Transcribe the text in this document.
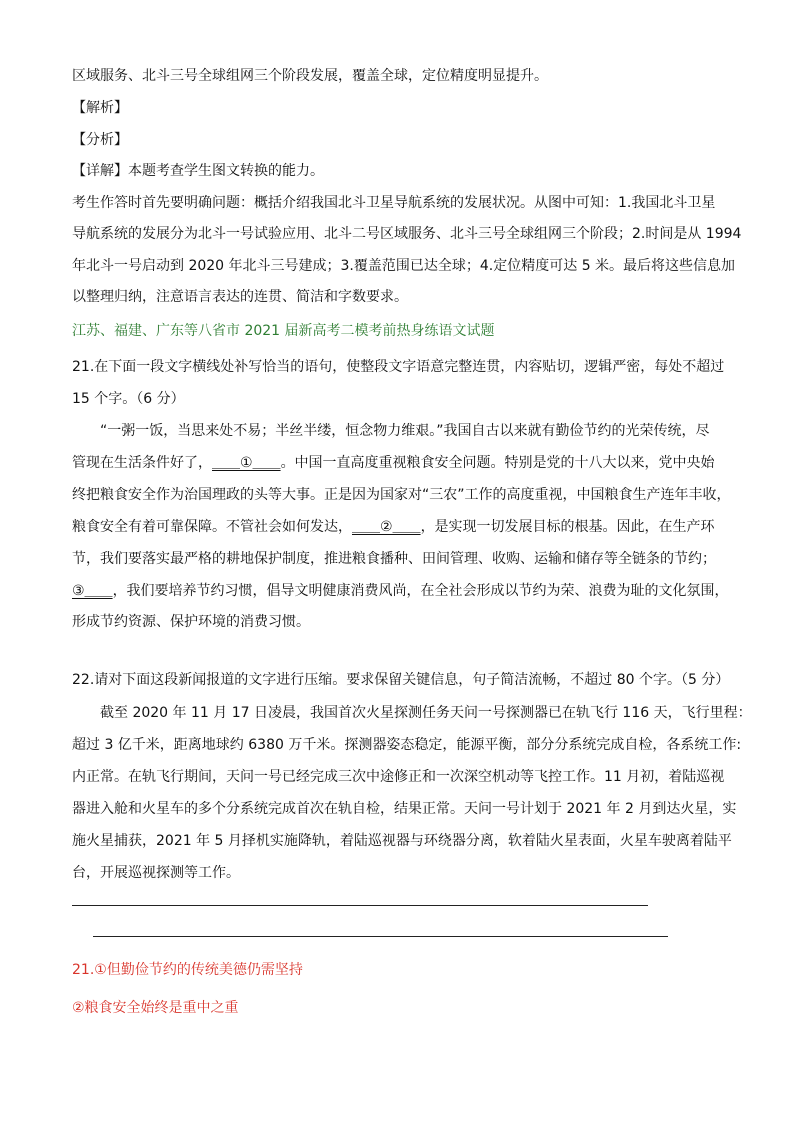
区域服务、北斗三号全球组网三个阶段发展，覆盖全球，定位精度明显提升。
【解析】
【分析】
【详解】本题考查学生图文转换的能力。
考生作答时首先要明确问题：概括介绍我国北斗卫星导航系统的发展状况。从图中可知：1.我国北斗卫星
导航系统的发展分为北斗一号试验应用、北斗二号区域服务、北斗三号全球组网三个阶段；2.时间是从 1994
年北斗一号启动到 2020 年北斗三号建成；3.覆盖范围已达全球；4.定位精度可达 5 米。最后将这些信息加
以整理归纳，注意语言表达的连贯、简洁和字数要求。
江苏、福建、广东等八省市 2021 届新高考二模考前热身练语文试题
21.在下面一段文字横线处补写恰当的语句，使整段文字语意完整连贯，内容贴切，逻辑严密，每处不超过
15 个字。（6 分）
“一粥一饭，当思来处不易；半丝半缕，恒念物力维艰。”我国自古以来就有勤俭节约的光荣传统，尽
管现在生活条件好了，＿＿①＿＿。中国一直高度重视粮食安全问题。特别是党的十八大以来，党中央始
终把粮食安全作为治国理政的头等大事。正是因为国家对“三农”工作的高度重视，中国粮食生产连年丰收，
粮食安全有着可靠保障。不管社会如何发达，＿＿②＿＿，是实现一切发展目标的根基。因此，在生产环
节，我们要落实最严格的耕地保护制度，推进粮食播种、田间管理、收购、运输和储存等全链条的节约；
③＿＿，我们要培养节约习惯，倡导文明健康消费风尚，在全社会形成以节约为荣、浪费为耻的文化氛围，
形成节约资源、保护环境的消费习惯。
22.请对下面这段新闻报道的文字进行压缩。要求保留关键信息，句子简洁流畅，不超过 80 个字。（5 分）
截至 2020 年 11 月 17 日凌晨，我国首次火星探测任务天问一号探测器已在轨飞行 116 天，飞行里程：
超过 3 亿千米，距离地球约 6380 万千米。探测器姿态稳定，能源平衡，部分分系统完成自检，各系统工作:
内正常。在轨飞行期间，天问一号已经完成三次中途修正和一次深空机动等飞控工作。11 月初，着陆巡视
器进入舱和火星车的多个分系统完成首次在轨自检，结果正常。天问一号计划于 2021 年 2 月到达火星，实
施火星捕获，2021 年 5 月择机实施降轨，着陆巡视器与环绕器分离，软着陆火星表面，火星车驶离着陆平
台，开展巡视探测等工作。
21.①但勤俭节约的传统美德仍需坚持
②粮食安全始终是重中之重
